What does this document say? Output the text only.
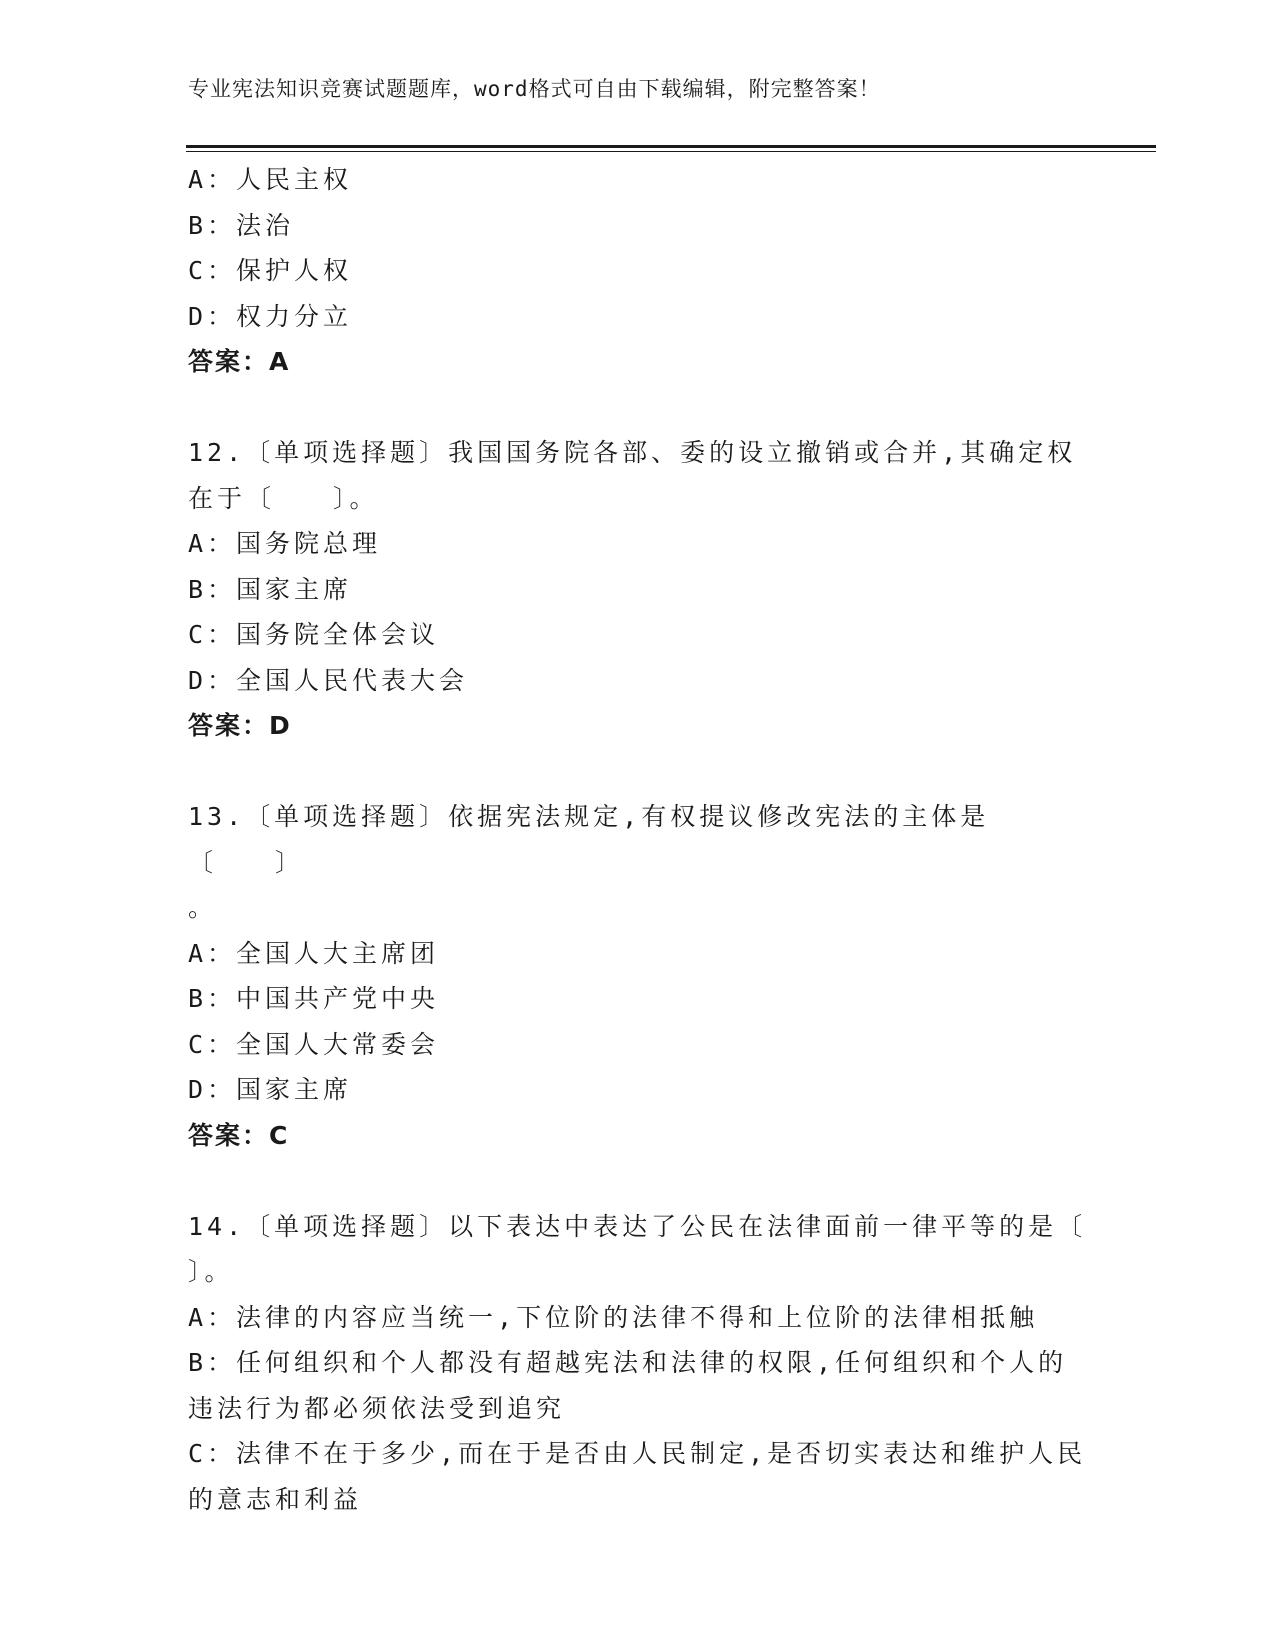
专业宪法知识竞赛试题题库，word格式可自由下载编辑，附完整答案！
A：人民主权
B：法治
C：保护人权
D：权力分立
答案：A
12.〔单项选择题〕我国国务院各部、委的设立撤销或合并,其确定权
在于〔　　〕。
A：国务院总理
B：国家主席
C：国务院全体会议
D：全国人民代表大会
答案：D
13.〔单项选择题〕依据宪法规定,有权提议修改宪法的主体是〔　　〕
。
A：全国人大主席团
B：中国共产党中央
C：全国人大常委会
D：国家主席
答案：C
14.〔单项选择题〕以下表达中表达了公民在法律面前一律平等的是〔
〕。
A：法律的内容应当统一,下位阶的法律不得和上位阶的法律相抵触
B：任何组织和个人都没有超越宪法和法律的权限,任何组织和个人的
违法行为都必须依法受到追究
C：法律不在于多少,而在于是否由人民制定,是否切实表达和维护人民
的意志和利益
